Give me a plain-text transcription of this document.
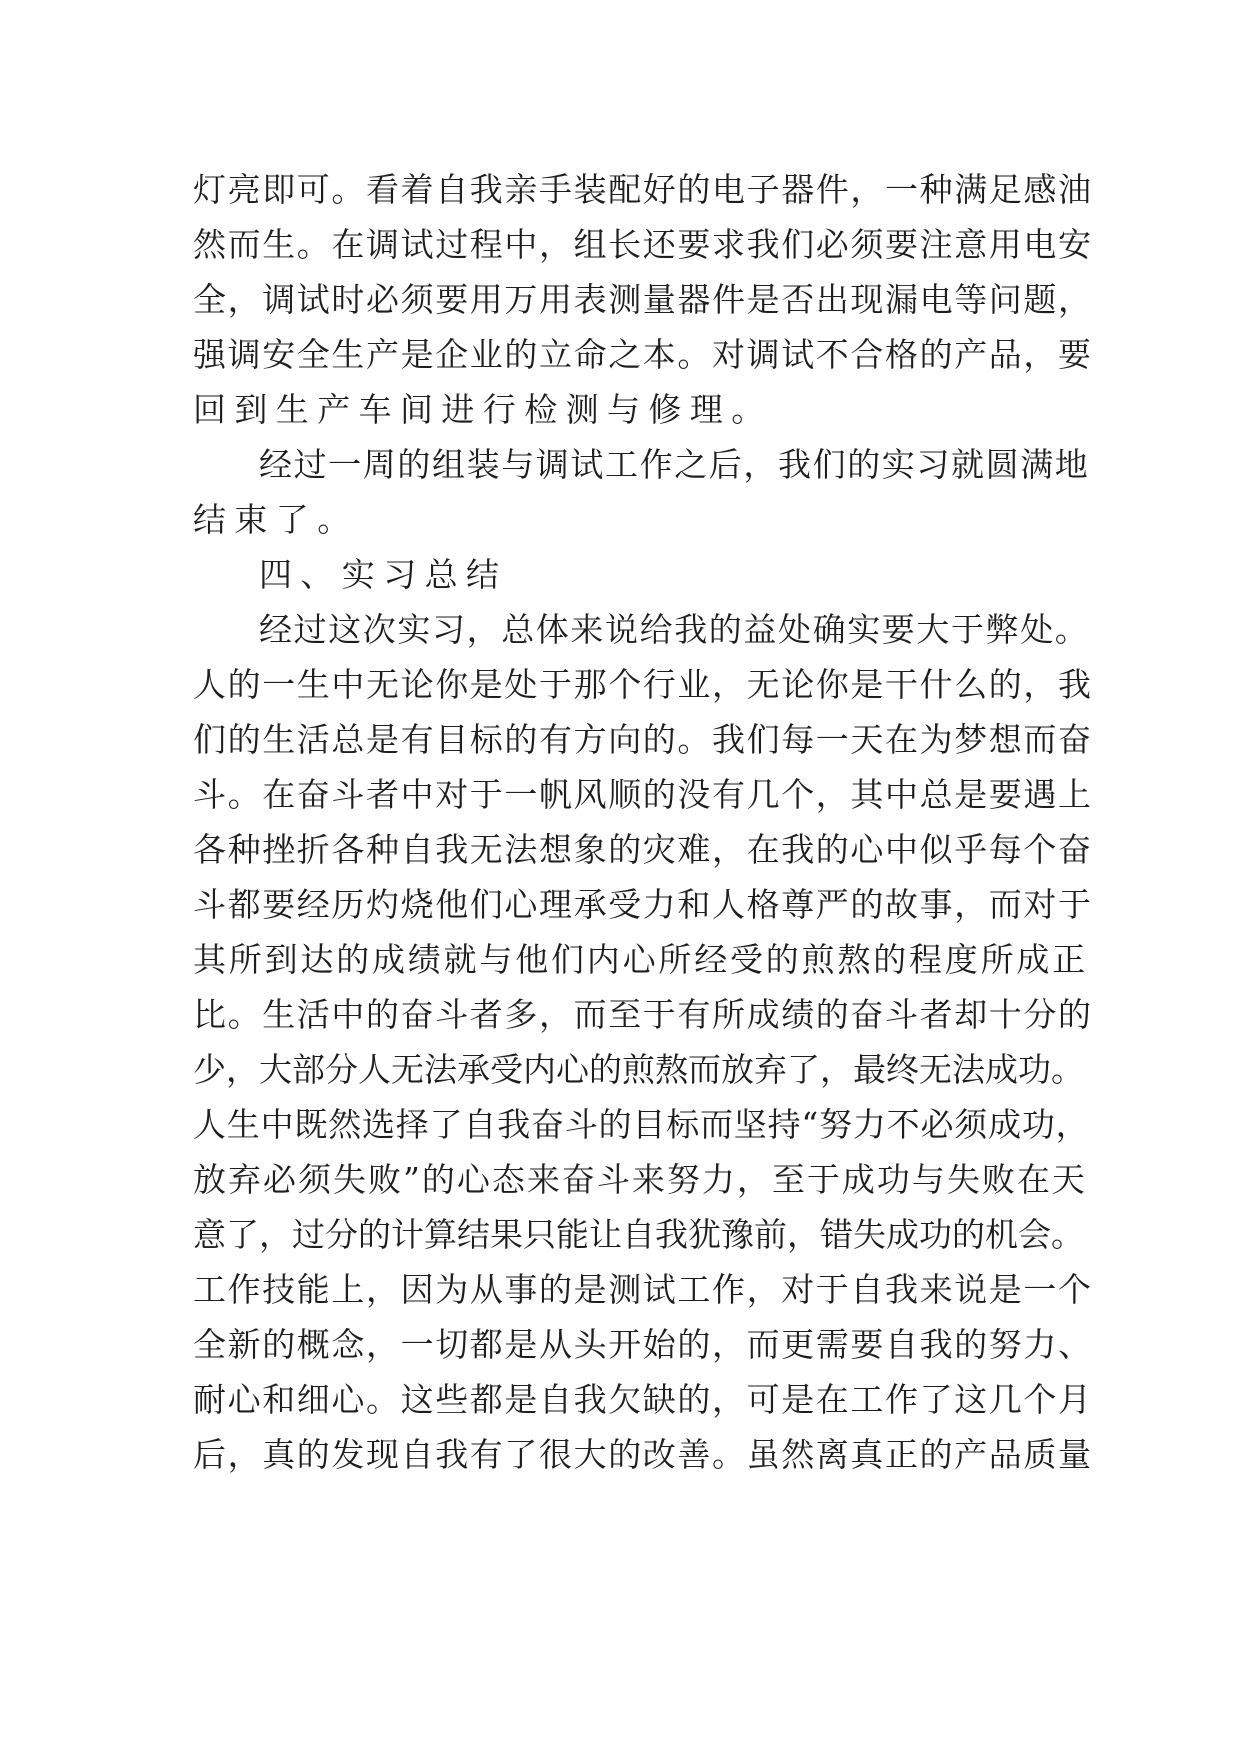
灯亮即可。看着自我亲手装配好的电子器件，一种满足感油
然而生。在调试过程中，组长还要求我们必须要注意用电安
全，调试时必须要用万用表测量器件是否出现漏电等问题，
强调安全生产是企业的立命之本。对调试不合格的产品，要
回到生产车间进行检测与修理。
经过一周的组装与调试工作之后，我们的实习就圆满地
结束了。
四、实习总结
经过这次实习，总体来说给我的益处确实要大于弊处。
人的一生中无论你是处于那个行业，无论你是干什么的，我
们的生活总是有目标的有方向的。我们每一天在为梦想而奋
斗。在奋斗者中对于一帆风顺的没有几个，其中总是要遇上
各种挫折各种自我无法想象的灾难，在我的心中似乎每个奋
斗都要经历灼烧他们心理承受力和人格尊严的故事，而对于
其所到达的成绩就与他们内心所经受的煎熬的程度所成正
比。生活中的奋斗者多，而至于有所成绩的奋斗者却十分的
少，大部分人无法承受内心的煎熬而放弃了，最终无法成功。
人生中既然选择了自我奋斗的目标而坚持“努力不必须成功，
放弃必须失败”的心态来奋斗来努力，至于成功与失败在天
意了，过分的计算结果只能让自我犹豫前，错失成功的机会。
工作技能上，因为从事的是测试工作，对于自我来说是一个
全新的概念，一切都是从头开始的，而更需要自我的努力、
耐心和细心。这些都是自我欠缺的，可是在工作了这几个月
后，真的发现自我有了很大的改善。虽然离真正的产品质量
